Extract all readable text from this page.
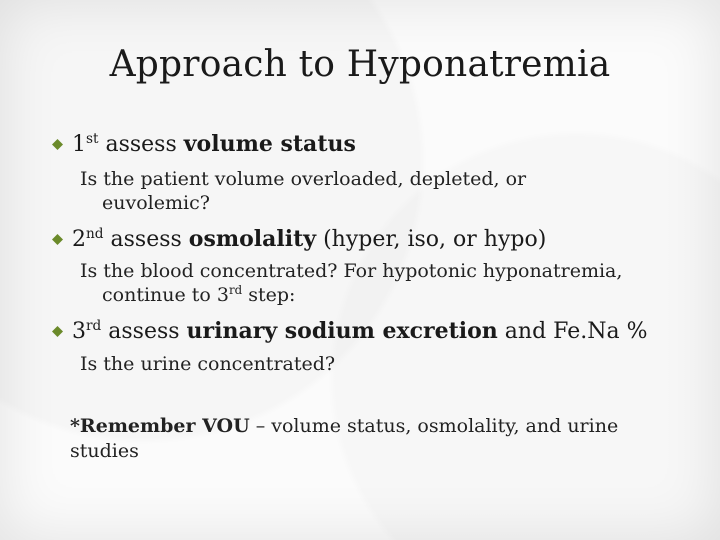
Approach to Hyponatremia
1st assess volume status
Is the patient volume overloaded, depleted, or
euvolemic?
2nd assess osmolality (hyper, iso, or hypo)
Is the blood concentrated? For hypotonic hyponatremia,
continue to 3rd step:
3rd assess urinary sodium excretion and Fe.Na %
Is the urine concentrated?
*Remember VOU – volume status, osmolality, and urine studies
